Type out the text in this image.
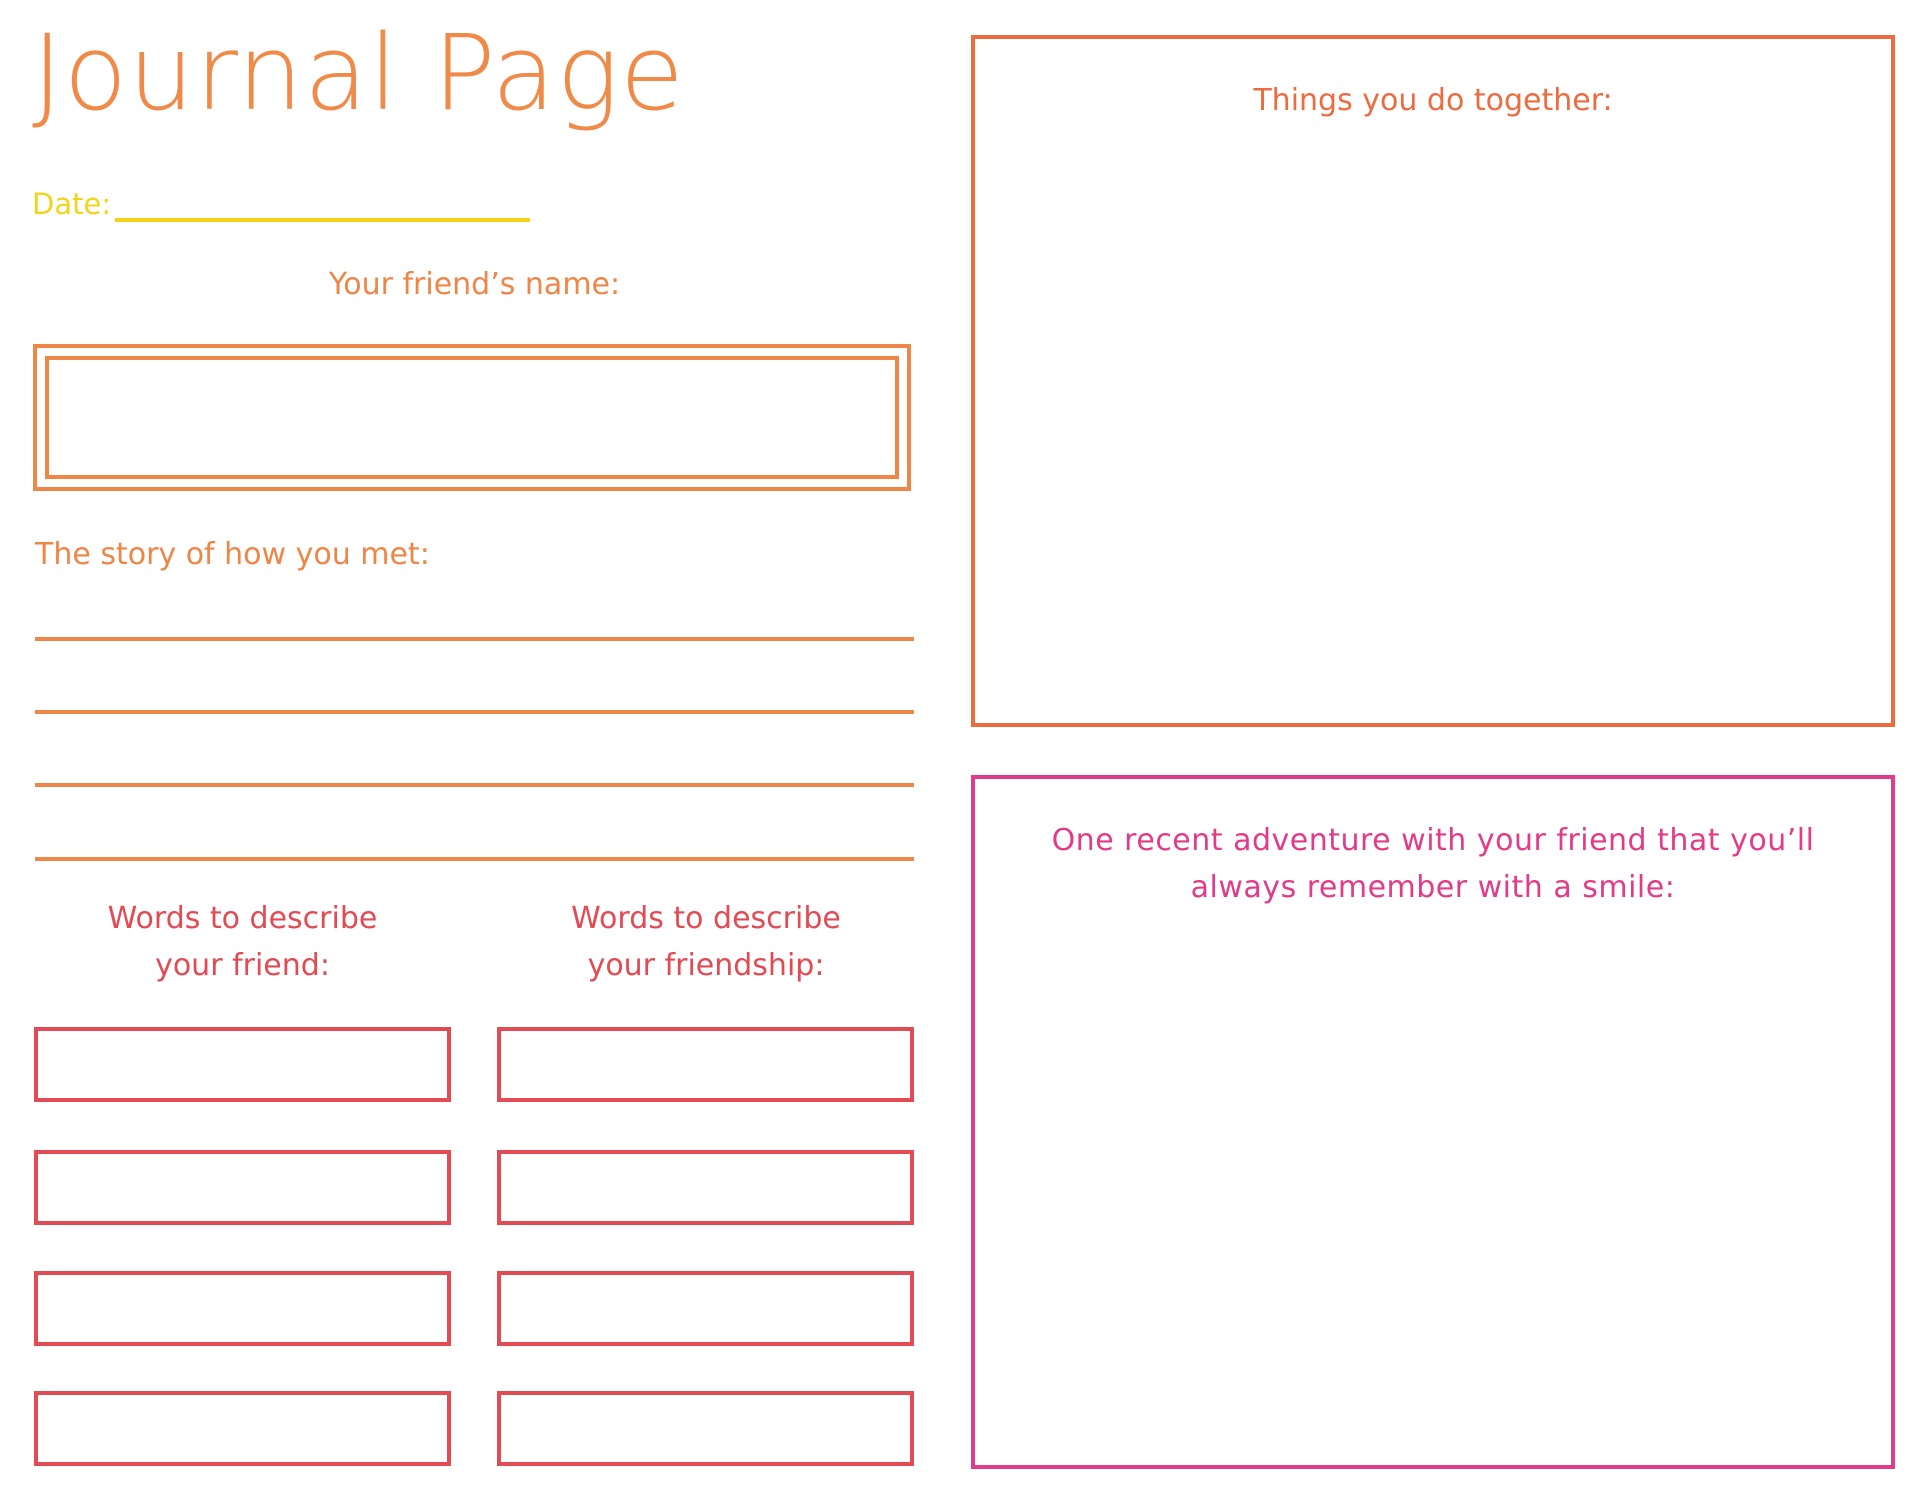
Journal Page
Date:
Your friend’s name:
The story of how you met:
Words to describe
your friend:
Words to describe
your friendship:
Things you do together:
One recent adventure with your friend that you’ll
always remember with a smile:
